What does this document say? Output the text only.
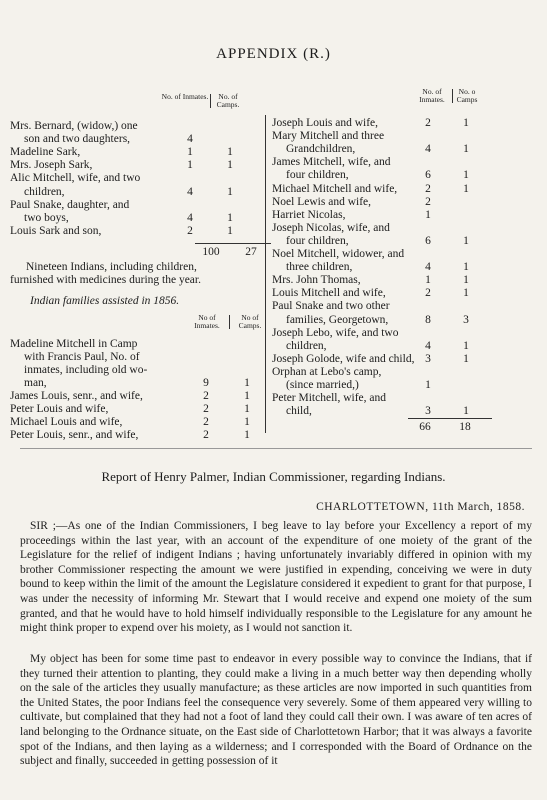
APPENDIX (R.)
No. of Inmates.	No. of Camps.
Mrs. Bernard, (widow,) one
son and two daughters,	4
Madeline Sark,	1	1
Mrs. Joseph Sark,	1	1
Alic Mitchell, wife, and two
children,	4	1
Paul Snake, daughter, and
two boys,	4	1
Louis Sark and son,	2	1
100	27
Nineteen Indians, including children,
furnished with medicines during the year.
Indian families assisted in 1856.
No of Inmates.
No of Camps.
Madeline Mitchell in Camp
with Francis Paul, No. of
inmates, including old wo-
man,	9	1
James Louis, senr., and wife,	2	1
Peter Louis and wife,	2	1
Michael Louis and wife,	2	1
Peter Louis, senr., and wife,	2	1
No. of Inmates.
No. o Camps
Joseph Louis and wife,	2	1
Mary Mitchell and three
Grandchildren,	4	1
James Mitchell, wife, and
four children,	6	1
Michael Mitchell and wife,	2	1
Noel Lewis and wife,	2
Harriet Nicolas,	1
Joseph Nicolas, wife, and
four children,	6	1
Noel Mitchell, widower, and
three children,	4	1
Mrs. John Thomas,	1	1
Louis Mitchell and wife,	2	1
Paul Snake and two other
families, Georgetown,	8	3
Joseph Lebo, wife, and two
children,	4	1
Joseph Golode, wife and child, 3	1
Orphan at Lebo's camp,
(since married,)	1
Peter Mitchell, wife, and
child,	3	1
66	18
Report of Henry Palmer, Indian Commissioner, regarding Indians.
CHARLOTTETOWN, 11th March, 1858.
SIR ;—As one of the Indian Commissioners, I beg leave to lay before your Excellency a report of my proceedings within the last year, with an account of the expenditure of one moiety of the grant of the Legislature for the relief of indigent Indians ; having unfortunately invariably differed in opinion with my brother Commissioner respecting the amount we were justified in expending, conceiving we were in duty bound to keep within the limit of the amount the Legislature considered it expedient to grant for that purpose, I was under the necessity of informing Mr. Stewart that I would receive and expend one moiety of the sum granted, and that he would have to hold himself individually responsible to the Legislature for any amount he might think proper to expend over his moiety, as I would not sanction it.
My object has been for some time past to endeavor in every possible way to convince the Indians, that if they turned their attention to planting, they could make a living in a much better way then depending wholly on the sale of the articles they usually manufacture; as these articles are now imported in such quantities from the United States, the poor Indians feel the consequence very severely. Some of them appeared very willing to cultivate, but complained that they had not a foot of land they could call their own. I was aware of ten acres of land belonging to the Ordnance situate, on the East side of Charlottetown Harbor; that it was always a favorite spot of the Indians, and then laying as a wilderness; and I corresponded with the Board of Ordnance on the subject and finally, succeeded in getting possession of it
